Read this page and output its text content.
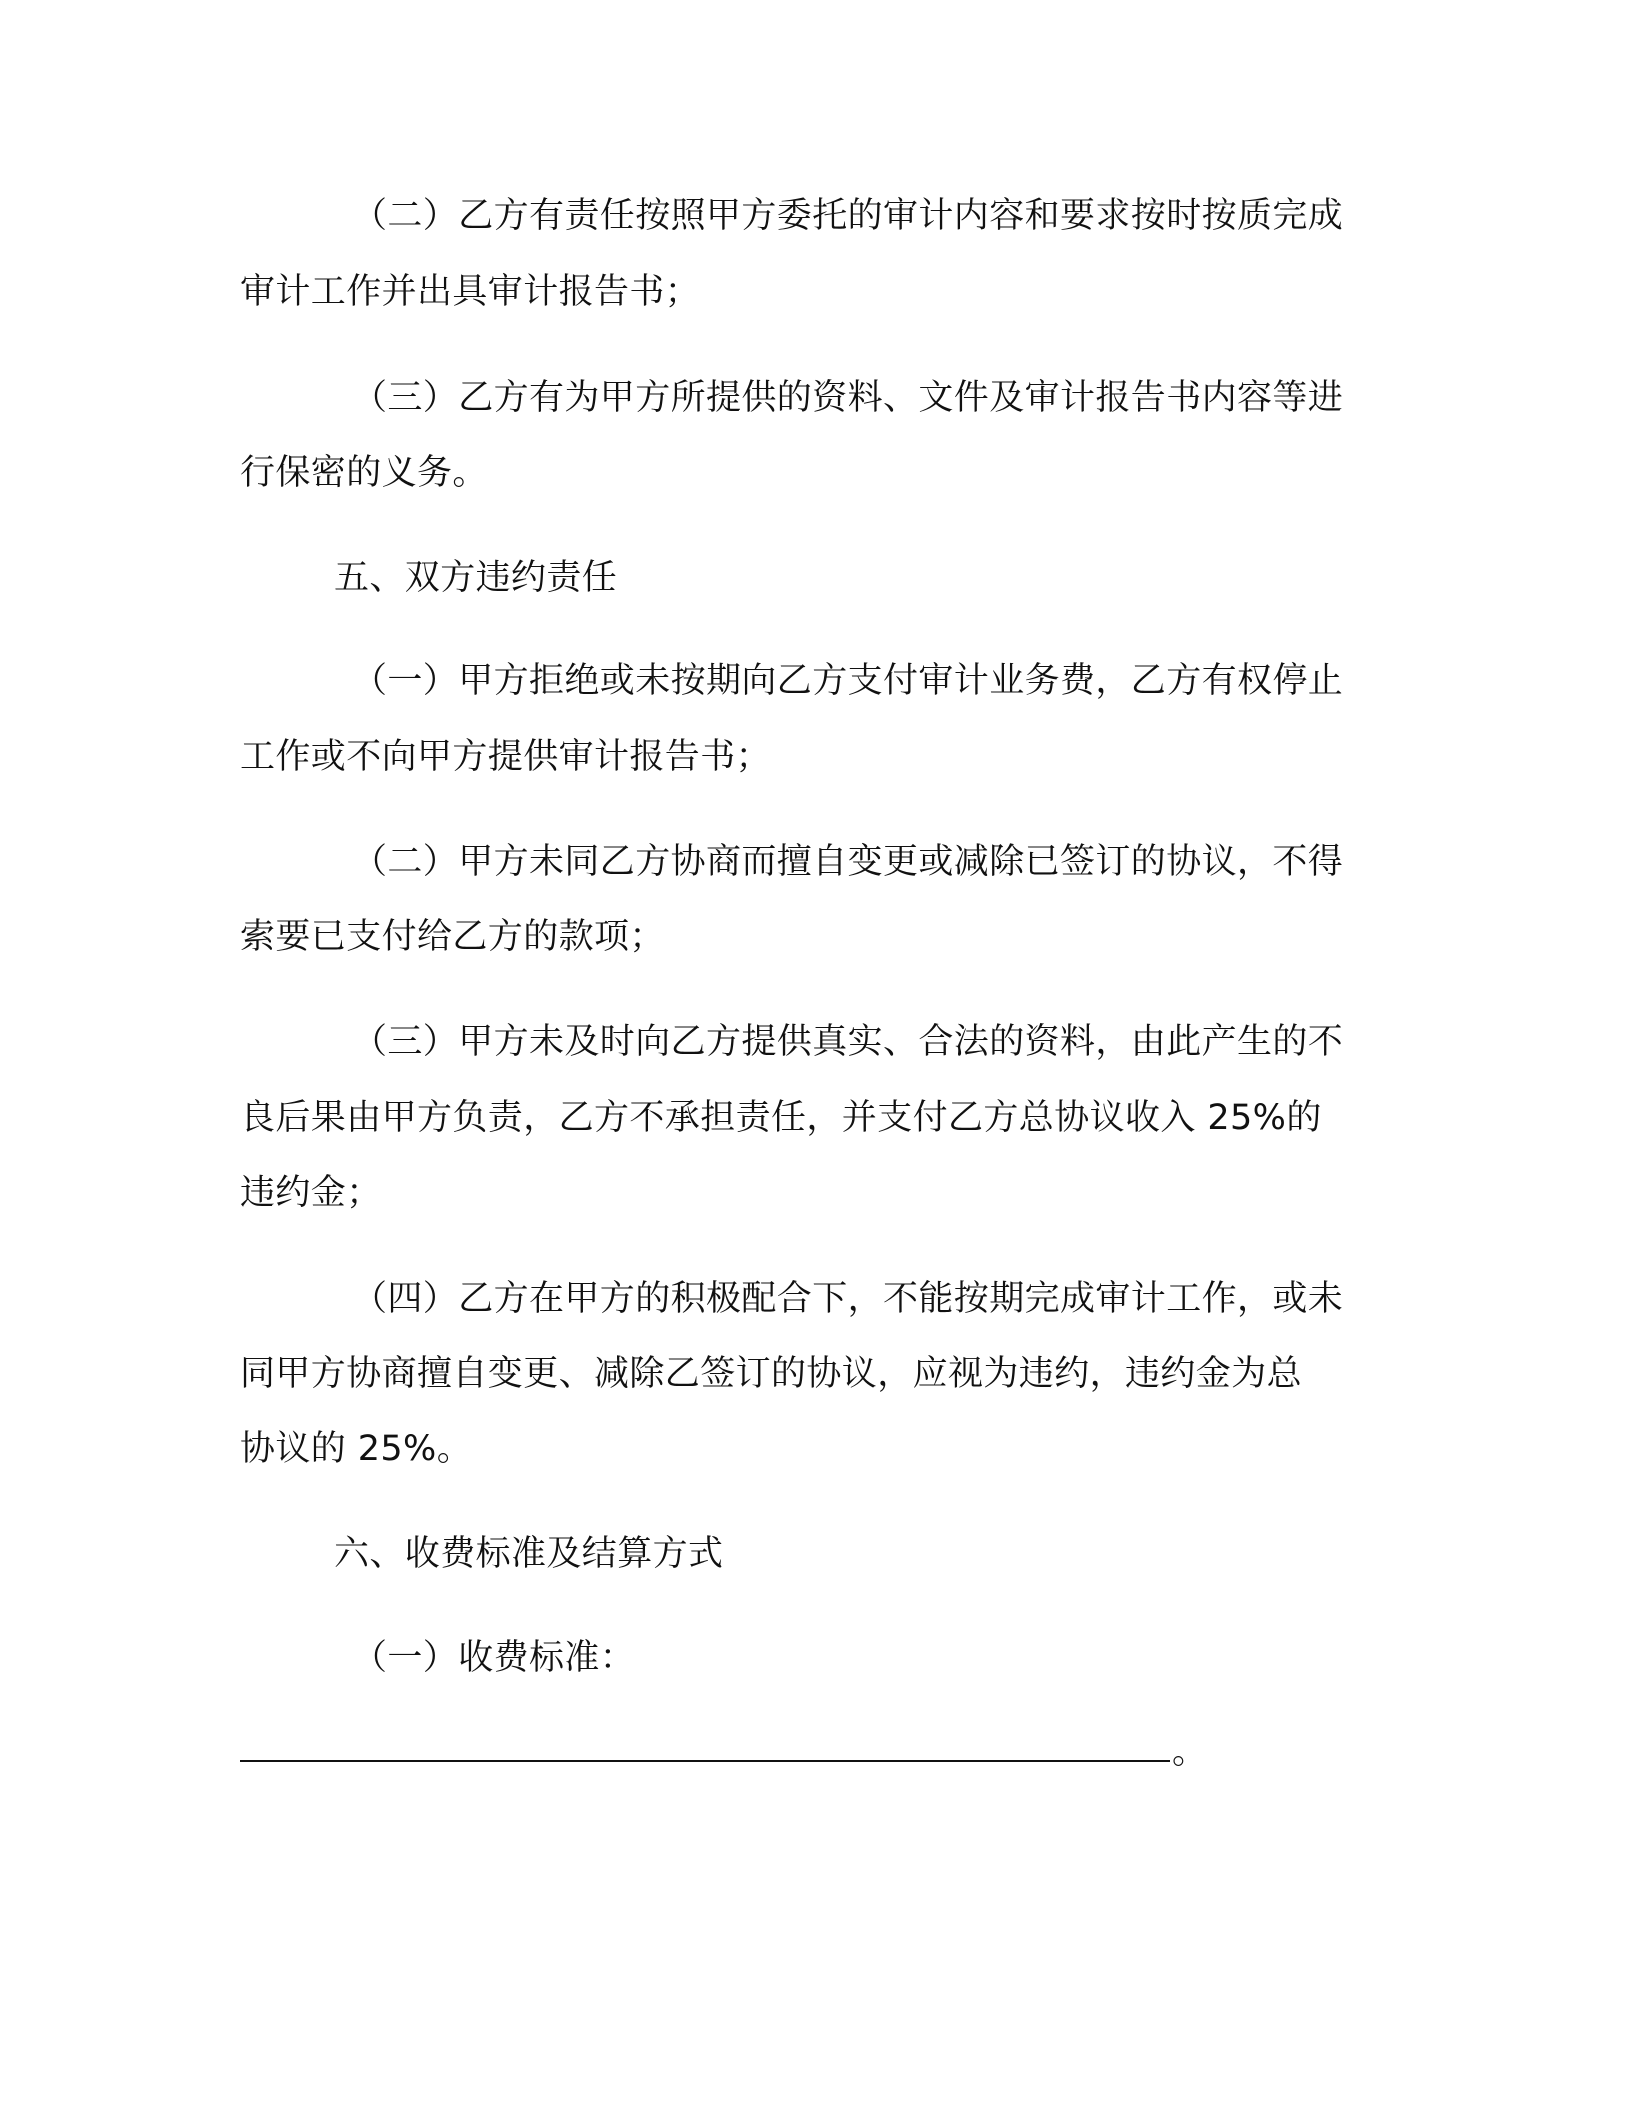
（二）乙方有责任按照甲方委托的审计内容和要求按时按质完成
审计工作并出具审计报告书；
（三）乙方有为甲方所提供的资料、文件及审计报告书内容等进
行保密的义务。
五、双方违约责任
（一）甲方拒绝或未按期向乙方支付审计业务费，乙方有权停止
工作或不向甲方提供审计报告书；
（二）甲方未同乙方协商而擅自变更或减除已签订的协议，不得
索要已支付给乙方的款项；
（三）甲方未及时向乙方提供真实、合法的资料，由此产生的不
良后果由甲方负责，乙方不承担责任，并支付乙方总协议收入 25%的
违约金；
（四）乙方在甲方的积极配合下，不能按期完成审计工作，或未
同甲方协商擅自变更、减除乙签订的协议，应视为违约，违约金为总
协议的 25%。
六、收费标准及结算方式
（一）收费标准：
。
